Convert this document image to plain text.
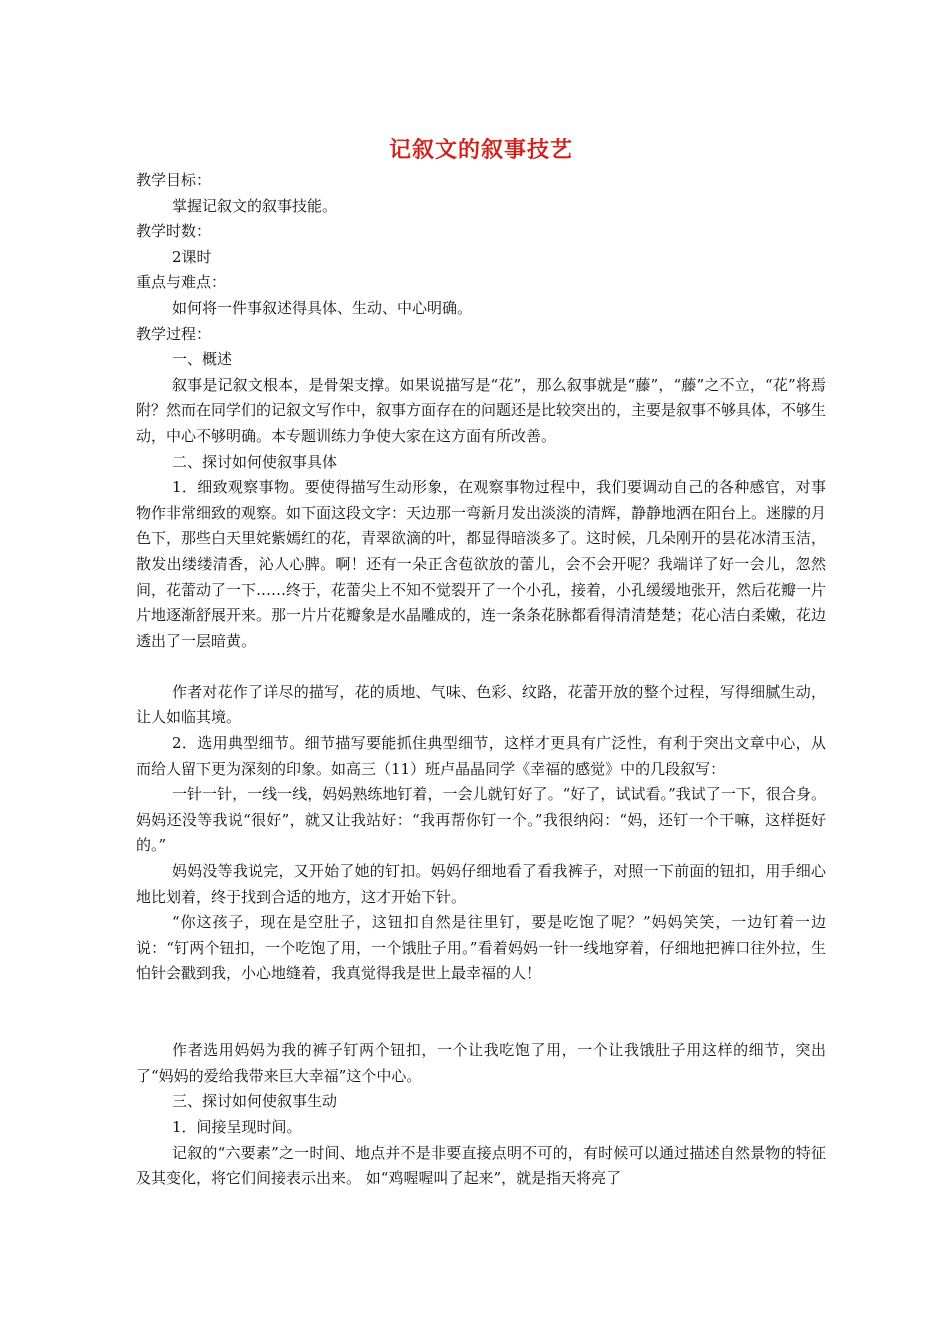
记叙文的叙事技艺

教学目标：

掌握记叙文的叙事技能。

教学时数：

2课时

重点与难点：

如何将一件事叙述得具体、生动、中心明确。

教学过程：

一、概述

叙事是记叙文根本，是骨架支撑。如果说描写是“花”，那么叙事就是“藤”，“藤”之不立，“花”将焉附？然而在同学们的记叙文写作中，叙事方面存在的问题还是比较突出的，主要是叙事不够具体，不够生动，中心不够明确。本专题训练力争使大家在这方面有所改善。

二、探讨如何使叙事具体

1．细致观察事物。要使得描写生动形象，在观察事物过程中，我们要调动自己的各种感官，对事物作非常细致的观察。如下面这段文字：天边那一弯新月发出淡淡的清辉，静静地洒在阳台上。迷朦的月色下，那些白天里姹紫嫣红的花，青翠欲滴的叶，都显得暗淡多了。这时候，几朵刚开的昙花冰清玉洁，散发出缕缕清香，沁人心脾。啊！还有一朵正含苞欲放的蕾儿，会不会开呢？我端详了好一会儿，忽然间，花蕾动了一下……终于，花蕾尖上不知不觉裂开了一个小孔，接着，小孔缓缓地张开，然后花瓣一片片地逐渐舒展开来。那一片片花瓣象是水晶雕成的，连一条条花脉都看得清清楚楚；花心洁白柔嫩，花边透出了一层暗黄。

作者对花作了详尽的描写，花的质地、气味、色彩、纹路，花蕾开放的整个过程，写得细腻生动，让人如临其境。

2．选用典型细节。细节描写要能抓住典型细节，这样才更具有广泛性，有利于突出文章中心，从而给人留下更为深刻的印象。如高三（11）班卢晶晶同学《幸福的感觉》中的几段叙写：

一针一针，一线一线，妈妈熟练地钉着，一会儿就钉好了。“好了，试试看。”我试了一下，很合身。妈妈还没等我说“很好”，就又让我站好：“我再帮你钉一个。”我很纳闷：“妈，还钉一个干嘛，这样挺好的。”

妈妈没等我说完，又开始了她的钉扣。妈妈仔细地看了看我裤子，对照一下前面的钮扣，用手细心地比划着，终于找到合适的地方，这才开始下针。

“你这孩子，现在是空肚子，这钮扣自然是往里钉，要是吃饱了呢？”妈妈笑笑，一边钉着一边说：“钉两个钮扣，一个吃饱了用，一个饿肚子用。”看着妈妈一针一线地穿着，仔细地把裤口往外拉，生怕针会戳到我，小心地缝着，我真觉得我是世上最幸福的人！

作者选用妈妈为我的裤子钉两个钮扣，一个让我吃饱了用，一个让我饿肚子用这样的细节，突出了“妈妈的爱给我带来巨大幸福”这个中心。

三、探讨如何使叙事生动

1．间接呈现时间。

记叙的“六要素”之一时间、地点并不是非要直接点明不可的，有时候可以通过描述自然景物的特征及其变化，将它们间接表示出来。 如“鸡喔喔叫了起来”，就是指天将亮了
